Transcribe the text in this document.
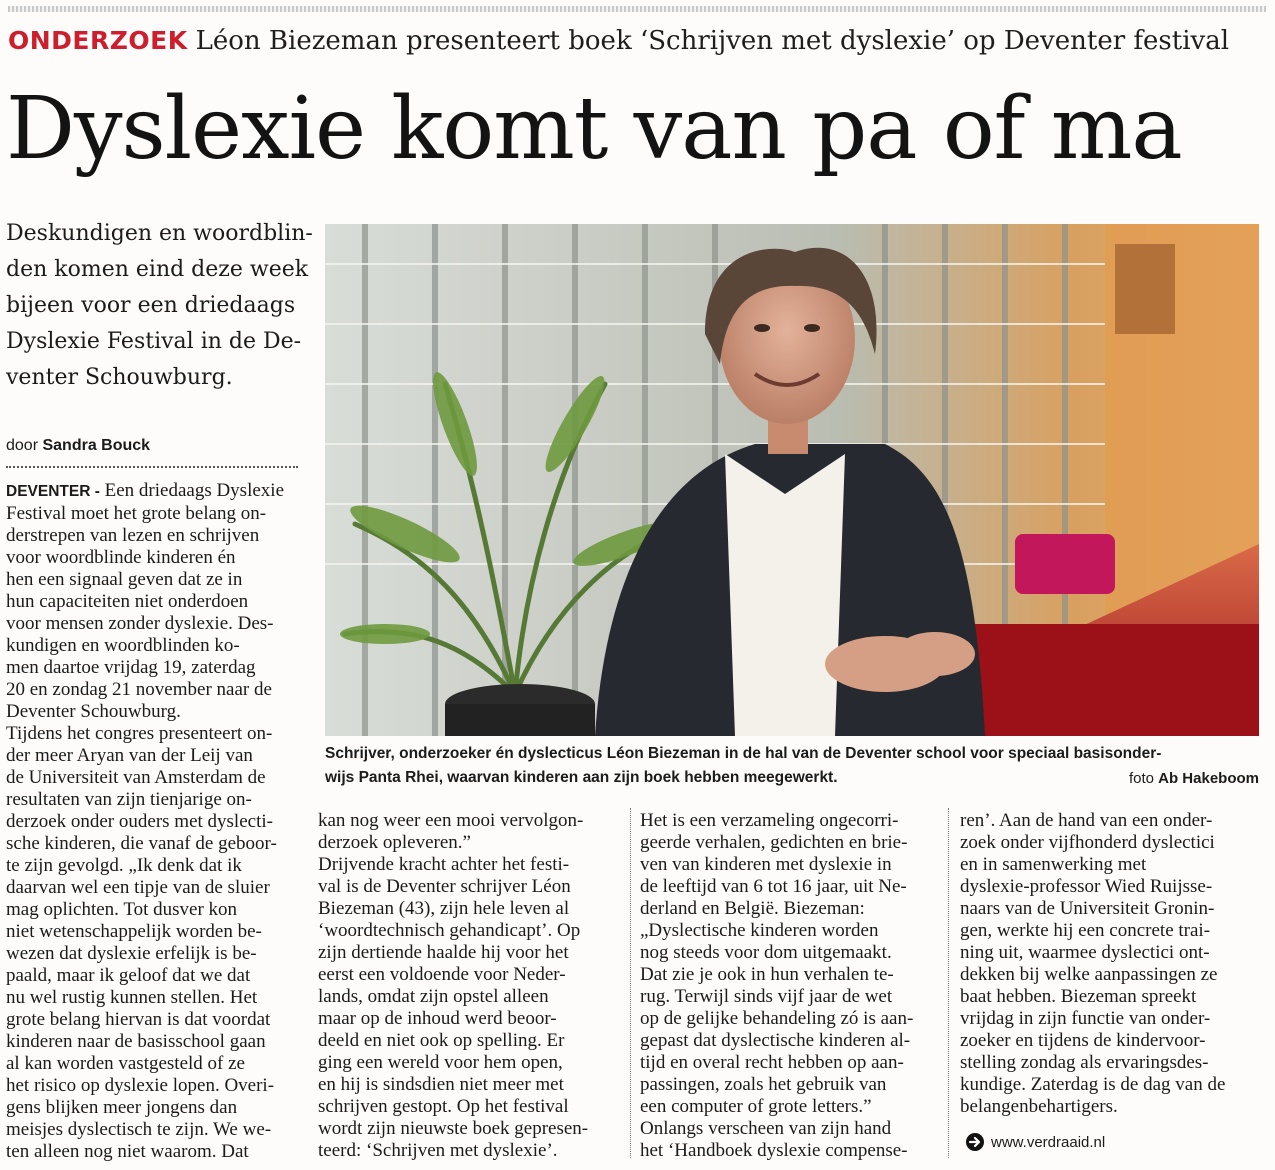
ONDERZOEK Léon Biezeman presenteert boek ‘Schrijven met dyslexie’ op Deventer festival
Dyslexie komt van pa of ma

Deskundigen en woordblin-
den komen eind deze week
bijeen voor een driedaags
Dyslexie Festival in de De-
venter Schouwburg.

door Sandra Bouck

DEVENTER - Een driedaags Dyslexie
Festival moet het grote belang on-
derstrepen van lezen en schrijven
voor woordblinde kinderen én
hen een signaal geven dat ze in
hun capaciteiten niet onderdoen
voor mensen zonder dyslexie. Des-
kundigen en woordblinden ko-
men daartoe vrijdag 19, zaterdag
20 en zondag 21 november naar de
Deventer Schouwburg.
Tijdens het congres presenteert on-
der meer Aryan van der Leij van
de Universiteit van Amsterdam de
resultaten van zijn tienjarige on-
derzoek onder ouders met dyslecti-
sche kinderen, die vanaf de geboor-
te zijn gevolgd. „Ik denk dat ik
daarvan wel een tipje van de sluier
mag oplichten. Tot dusver kon
niet wetenschappelijk worden be-
wezen dat dyslexie erfelijk is be-
paald, maar ik geloof dat we dat
nu wel rustig kunnen stellen. Het
grote belang hiervan is dat voordat
kinderen naar de basisschool gaan
al kan worden vastgesteld of ze
het risico op dyslexie lopen. Overi-
gens blijken meer jongens dan
meisjes dyslectisch te zijn. We we-
ten alleen nog niet waarom. Dat

Schrijver, onderzoeker én dyslecticus Léon Biezeman in de hal van de Deventer school voor speciaal basisonder-
wijs Panta Rhei, waarvan kinderen aan zijn boek hebben meegewerkt.	foto Ab Hakeboom

kan nog weer een mooi vervolgon-
derzoek opleveren.”
Drijvende kracht achter het festi-
val is de Deventer schrijver Léon
Biezeman (43), zijn hele leven al
‘woordtechnisch gehandicapt’. Op
zijn dertiende haalde hij voor het
eerst een voldoende voor Neder-
lands, omdat zijn opstel alleen
maar op de inhoud werd beoor-
deeld en niet ook op spelling. Er
ging een wereld voor hem open,
en hij is sindsdien niet meer met
schrijven gestopt. Op het festival
wordt zijn nieuwste boek gepresen-
teerd: ‘Schrijven met dyslexie’.

Het is een verzameling ongecorri-
geerde verhalen, gedichten en brie-
ven van kinderen met dyslexie in
de leeftijd van 6 tot 16 jaar, uit Ne-
derland en België. Biezeman:
„Dyslectische kinderen worden
nog steeds voor dom uitgemaakt.
Dat zie je ook in hun verhalen te-
rug. Terwijl sinds vijf jaar de wet
op de gelijke behandeling zó is aan-
gepast dat dyslectische kinderen al-
tijd en overal recht hebben op aan-
passingen, zoals het gebruik van
een computer of grote letters.”
Onlangs verscheen van zijn hand
het ‘Handboek dyslexie compense-

ren’. Aan de hand van een onder-
zoek onder vijfhonderd dyslectici
en in samenwerking met
dyslexie-professor Wied Ruijsse-
naars van de Universiteit Gronin-
gen, werkte hij een concrete trai-
ning uit, waarmee dyslectici ont-
dekken bij welke aanpassingen ze
baat hebben. Biezeman spreekt
vrijdag in zijn functie van onder-
zoeker en tijdens de kindervoor-
stelling zondag als ervaringsdes-
kundige. Zaterdag is de dag van de
belangenbehartigers.

www.verdraaid.nl
